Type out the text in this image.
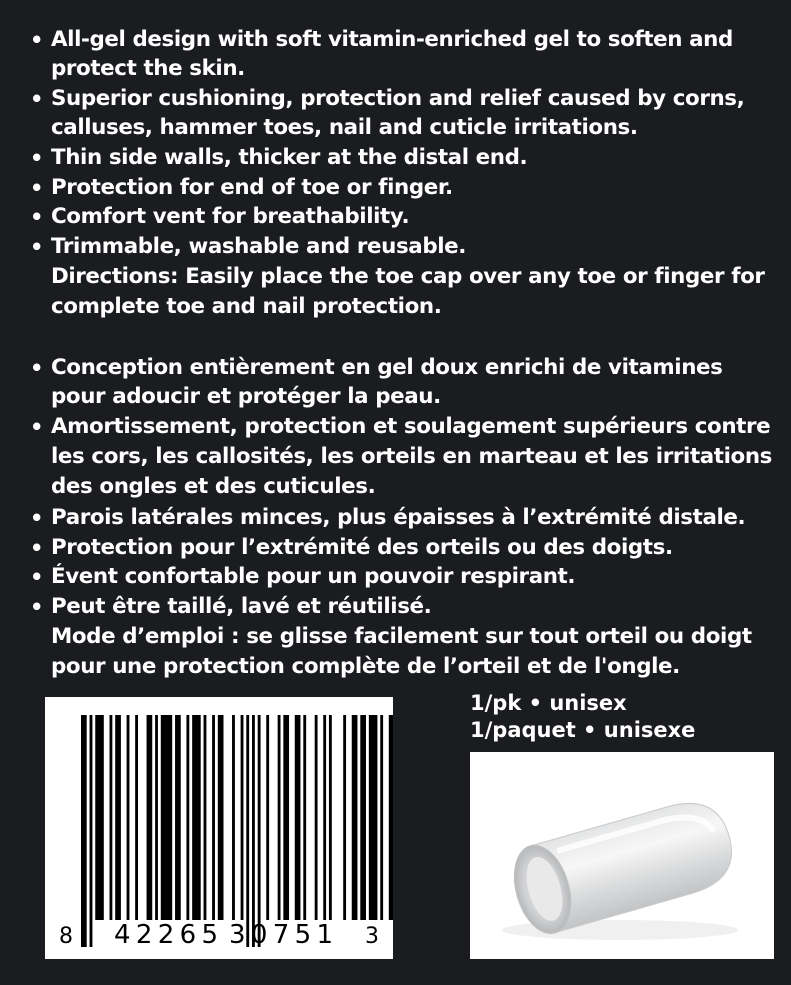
• All-gel design with soft vitamin-enriched gel to soften and
protect the skin.
• Superior cushioning, protection and relief caused by corns,
calluses, hammer toes, nail and cuticle irritations.
• Thin side walls, thicker at the distal end.
• Protection for end of toe or finger.
• Comfort vent for breathability.
• Trimmable, washable and reusable.
Directions: Easily place the toe cap over any toe or finger for
complete toe and nail protection.
• Conception entièrement en gel doux enrichi de vitamines
pour adoucir et protéger la peau.
• Amortissement, protection et soulagement supérieurs contre
les cors, les callosités, les orteils en marteau et les irritations
des ongles et des cuticules.
• Parois latérales minces, plus épaisses à l’extrémité distale.
• Protection pour l’extrémité des orteils ou des doigts.
• Évent confortable pour un pouvoir respirant.
• Peut être taillé, lavé et réutilisé.
Mode d’emploi : se glisse facilement sur tout orteil ou doigt
pour une protection complète de l’orteil et de l'ongle.
8 42265 30751 3
1/pk • unisex
1/paquet • unisexe
